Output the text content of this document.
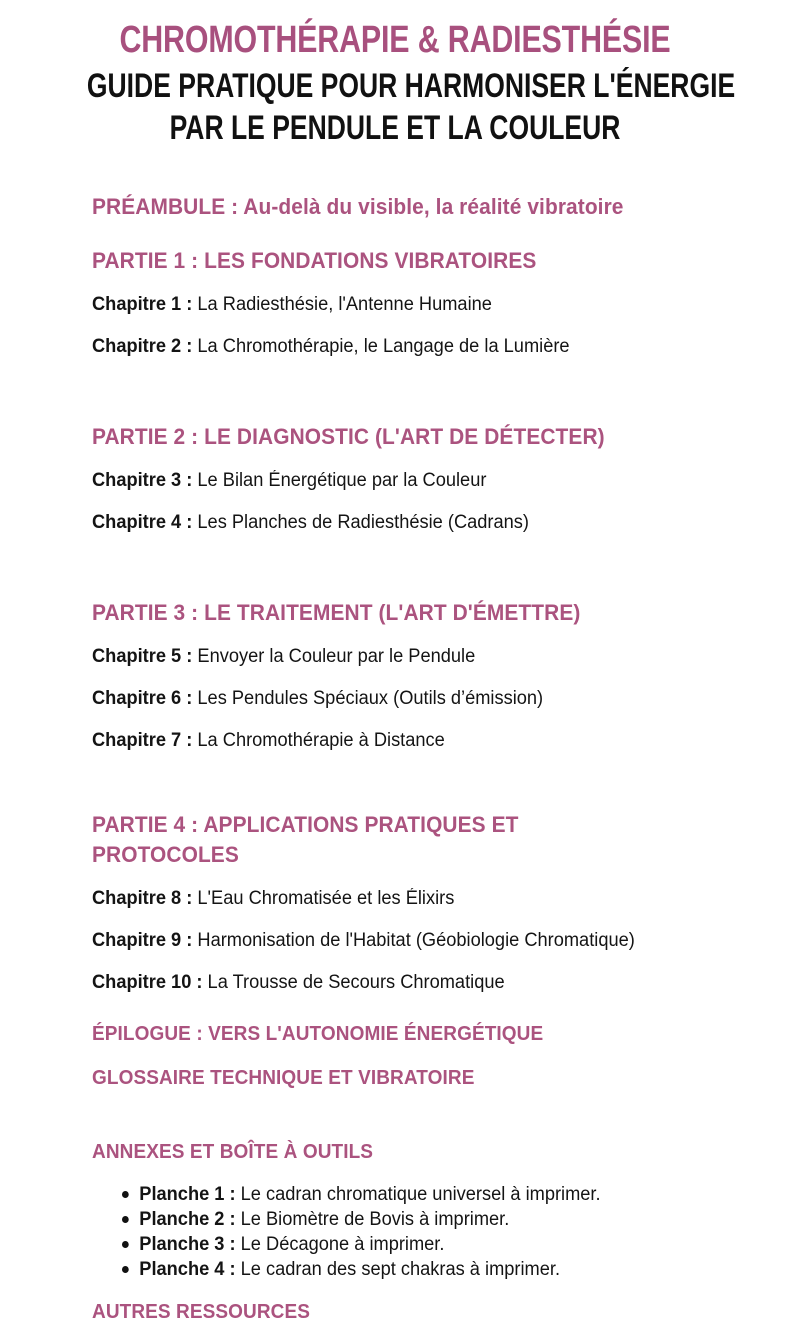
CHROMOTHÉRAPIE & RADIESTHÉSIE
GUIDE PRATIQUE POUR HARMONISER L'ÉNERGIE
PAR LE PENDULE ET LA COULEUR
PRÉAMBULE : Au-delà du visible, la réalité vibratoire
PARTIE 1 : LES FONDATIONS VIBRATOIRES
Chapitre 1 : La Radiesthésie, l'Antenne Humaine
Chapitre 2 : La Chromothérapie, le Langage de la Lumière
PARTIE 2 : LE DIAGNOSTIC (L'ART DE DÉTECTER)
Chapitre 3 : Le Bilan Énergétique par la Couleur
Chapitre 4 : Les Planches de Radiesthésie (Cadrans)
PARTIE 3 : LE TRAITEMENT (L'ART D'ÉMETTRE)
Chapitre 5 : Envoyer la Couleur par le Pendule
Chapitre 6 : Les Pendules Spéciaux (Outils d’émission)
Chapitre 7 : La Chromothérapie à Distance
PARTIE 4 : APPLICATIONS PRATIQUES ET PROTOCOLES
Chapitre 8 : L'Eau Chromatisée et les Élixirs
Chapitre 9 : Harmonisation de l'Habitat (Géobiologie Chromatique)
Chapitre 10 : La Trousse de Secours Chromatique
ÉPILOGUE : VERS L'AUTONOMIE ÉNERGÉTIQUE
GLOSSAIRE TECHNIQUE ET VIBRATOIRE
ANNEXES ET BOÎTE À OUTILS
Planche 1 : Le cadran chromatique universel à imprimer.
Planche 2 : Le Biomètre de Bovis à imprimer.
Planche 3 : Le Décagone à imprimer.
Planche 4 : Le cadran des sept chakras à imprimer.
AUTRES RESSOURCES
